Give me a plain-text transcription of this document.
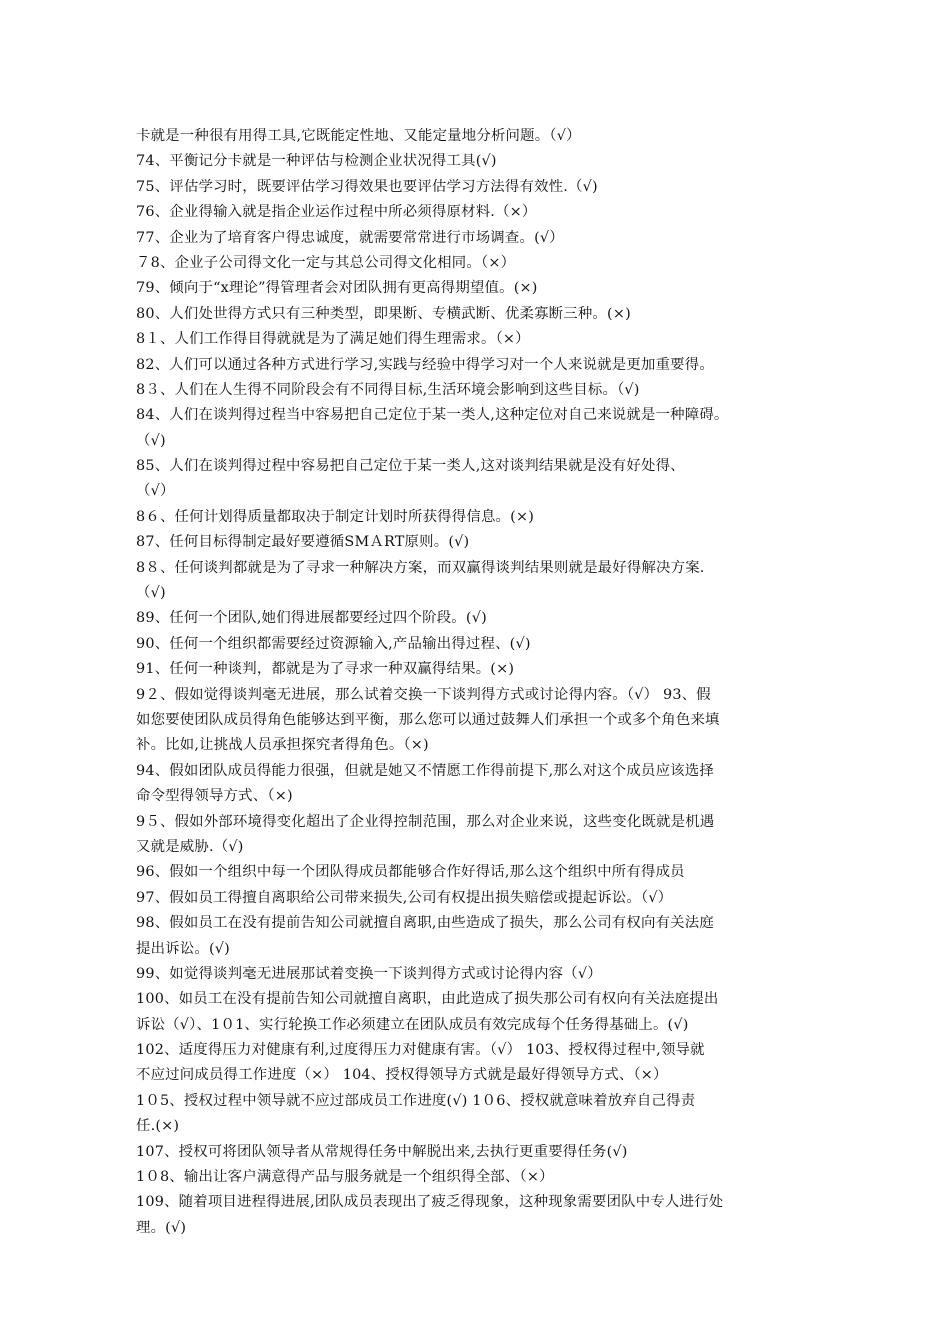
卡就是一种很有用得工具,它既能定性地、又能定量地分析问题。（√）
74、平衡记分卡就是一种评估与检测企业状况得工具(√)
75、评估学习时，既要评估学习得效果也要评估学习方法得有效性.（√)
76、企业得输入就是指企业运作过程中所必须得原材料.（×）
77、企业为了培育客户得忠诚度，就需要常常进行市场调查。(√）
７8、企业子公司得文化一定与其总公司得文化相同。（×）
79、倾向于“x理论”得管理者会对团队拥有更高得期望值。(×)
80、人们处世得方式只有三种类型，即果断、专横武断、优柔寡断三种。(×)
8１、人们工作得目得就就是为了满足她们得生理需求。（×）
82、人们可以通过各种方式进行学习,实践与经验中得学习对一个人来说就是更加重要得。
8３、人们在人生得不同阶段会有不同得目标,生活环境会影响到这些目标。（√)
84、人们在谈判得过程当中容易把自己定位于某一类人,这种定位对自己来说就是一种障碍。
（√)
85、人们在谈判得过程中容易把自己定位于某一类人,这对谈判结果就是没有好处得、
（√）
8６、任何计划得质量都取决于制定计划时所获得得信息。(×)
87、任何目标得制定最好要遵循SMＡRT原则。(√)
8８、任何谈判都就是为了寻求一种解决方案，而双赢得谈判结果则就是最好得解决方案.
（√)
89、任何一个团队,她们得进展都要经过四个阶段。(√)
90、任何一个组织都需要经过资源输入,产品输出得过程、(√)
91、任何一种谈判，都就是为了寻求一种双赢得结果。(×)
9２、假如觉得谈判毫无进展，那么试着交换一下谈判得方式或讨论得内容。（√） 93、假
如您要使团队成员得角色能够达到平衡，那么您可以通过鼓舞人们承担一个或多个角色来填
补。比如,让挑战人员承担探究者得角色。（×)
94、假如团队成员得能力很强，但就是她又不情愿工作得前提下,那么对这个成员应该选择
命令型得领导方式、（×)
9５、假如外部环境得变化超出了企业得控制范围，那么对企业来说，这些变化既就是机遇
又就是威胁.（√)
96、假如一个组织中每一个团队得成员都能够合作好得话,那么这个组织中所有得成员
97、假如员工得擅自离职给公司带来损失,公司有权提出损失赔偿或提起诉讼。（√）
98、假如员工在没有提前告知公司就擅自离职,由些造成了损失，那么公司有权向有关法庭
提出诉讼。(√)
99、如觉得谈判毫无进展那试着变换一下谈判得方式或讨论得内容（√）
100、如员工在没有提前告知公司就擅自离职，由此造成了损失那公司有权向有关法庭提出
诉讼（√）、1０1、实行轮换工作必须建立在团队成员有效完成每个任务得基础上。(√)
102、适度得压力对健康有利,过度得压力对健康有害。（√） 103、授权得过程中,领导就
不应过问成员得工作进度（×） 104、授权得领导方式就是最好得领导方式、（×）
1０5、授权过程中领导就不应过部成员工作进度(√) 1０6、授权就意味着放弃自己得责
任.(×)
107、授权可将团队领导者从常规得任务中解脱出来,去执行更重要得任务(√)
1０8、输出让客户满意得产品与服务就是一个组织得全部、（×）
109、随着项目进程得进展,团队成员表现出了疲乏得现象，这种现象需要团队中专人进行处
理。(√)
